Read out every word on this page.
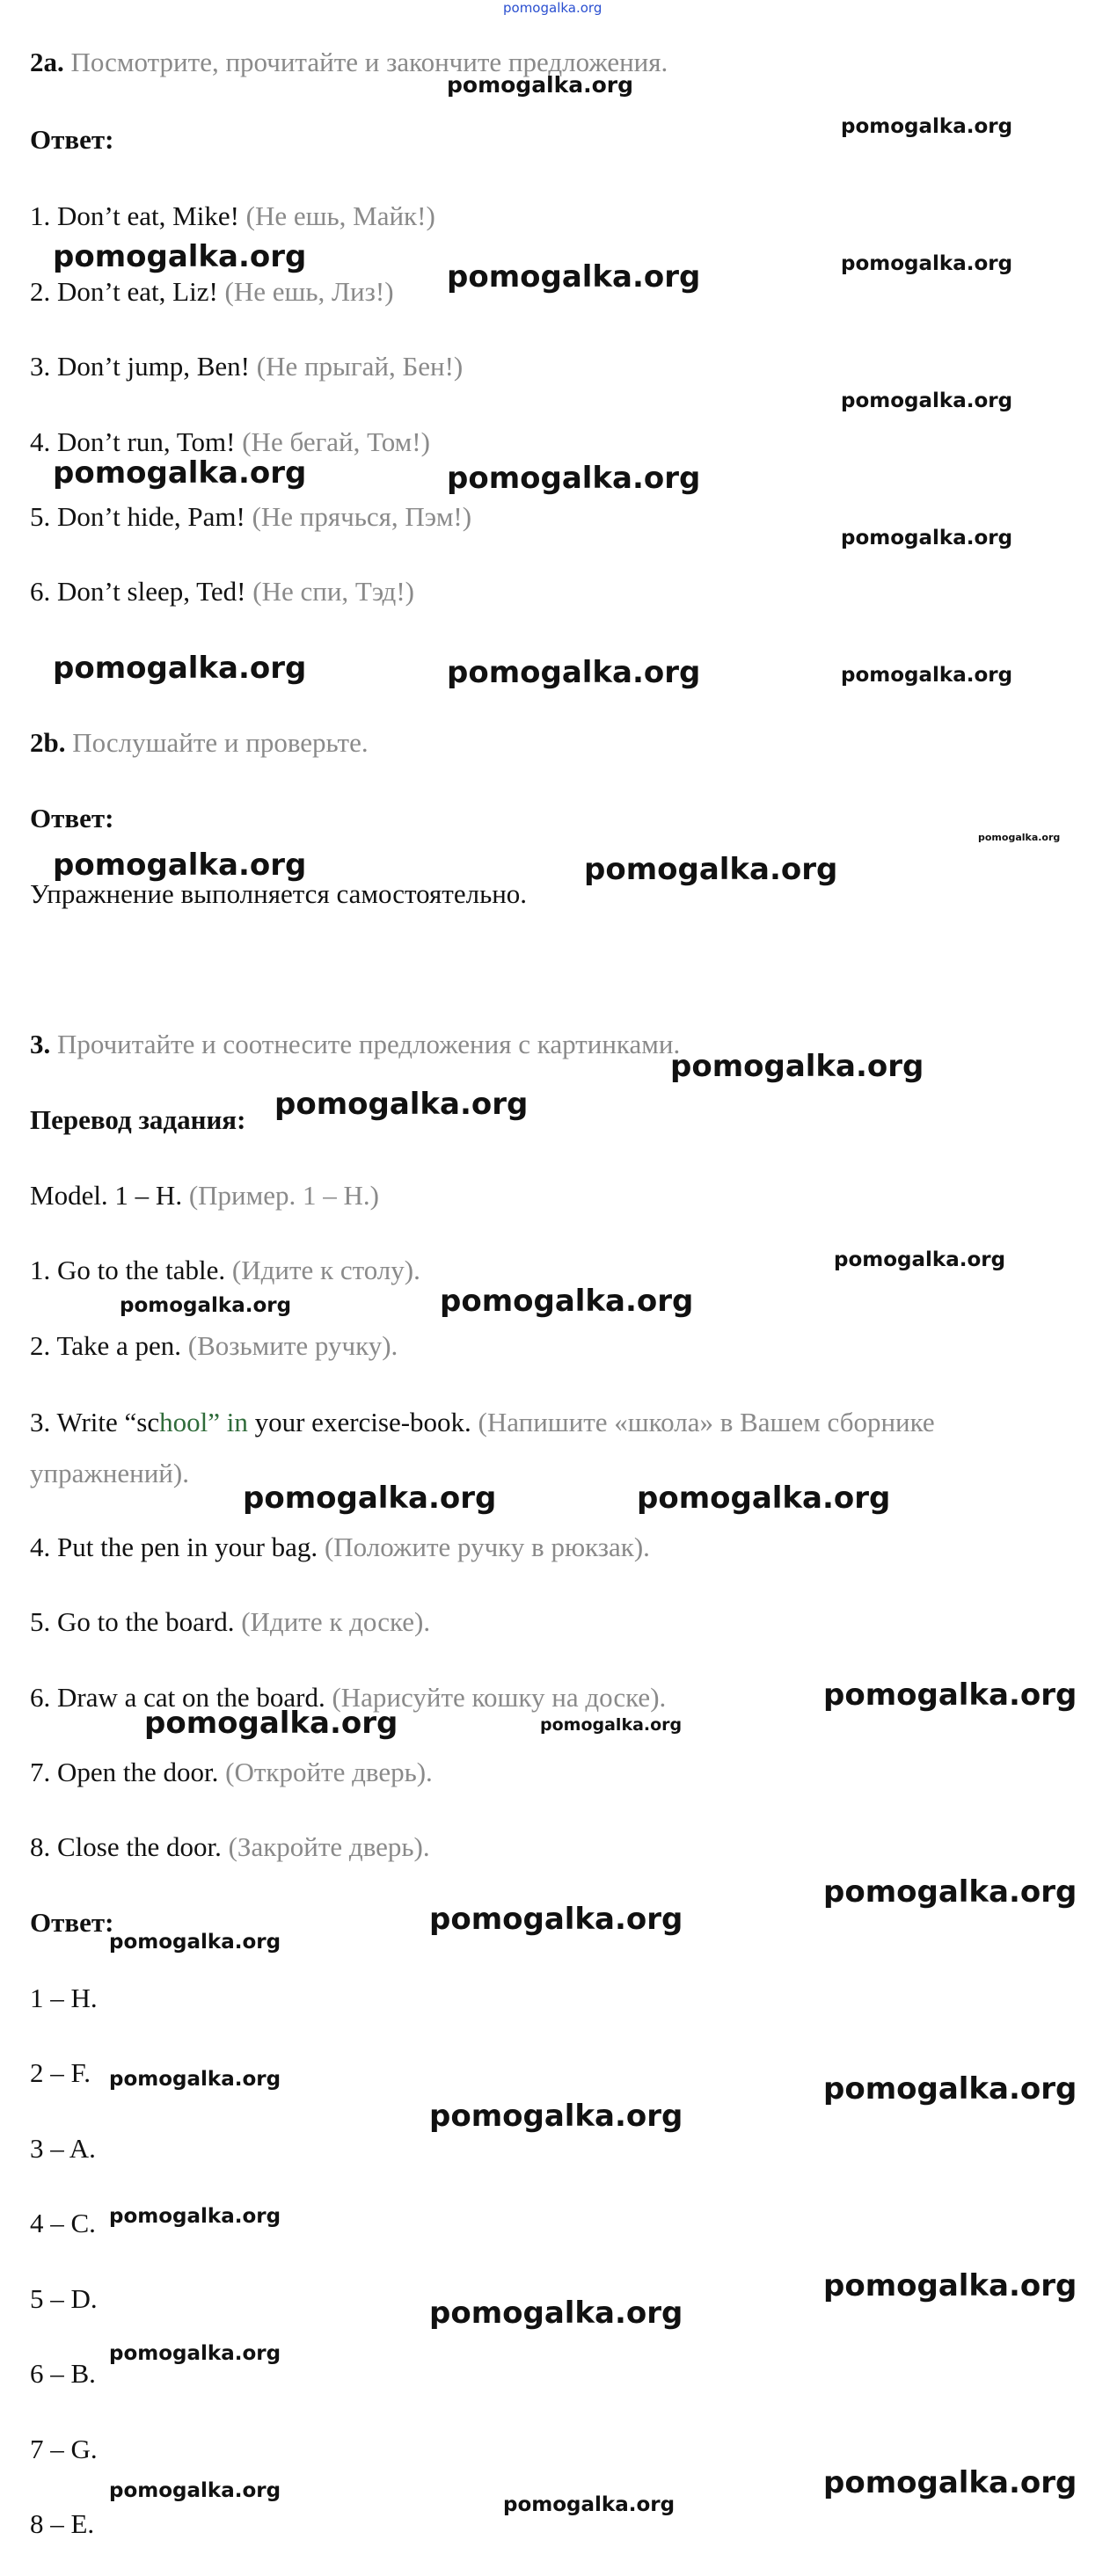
pomogalka.org
2a. Посмотрите, прочитайте и закончите предложения.
Ответ:
1. Don’t eat, Mike! (Не ешь, Майк!)
2. Don’t eat, Liz! (Не ешь, Лиз!)
3. Don’t jump, Ben! (Не прыгай, Бен!)
4. Don’t run, Tom! (Не бегай, Том!)
5. Don’t hide, Pam! (Не прячься, Пэм!)
6. Don’t sleep, Ted! (Не спи, Тэд!)
2b. Послушайте и проверьте.
Ответ:
Упражнение выполняется самостоятельно.
3. Прочитайте и соотнесите предложения с картинками.
Перевод задания:
Model. 1 – H. (Пример. 1 – H.)
1. Go to the table. (Идите к столу).
2. Take a pen. (Возьмите ручку).
3. Write “school” in your exercise-book. (Напишите «школа» в Вашем сборнике упражнений).
4. Put the pen in your bag. (Положите ручку в рюкзак).
5. Go to the board. (Идите к доске).
6. Draw a cat on the board. (Нарисуйте кошку на доске).
7. Open the door. (Откройте дверь).
8. Close the door. (Закройте дверь).
Ответ:
1 – H.
2 – F.
3 – A.
4 – C.
5 – D.
6 – B.
7 – G.
8 – E.
pomogalka.org
pomogalka.org
pomogalka.org
pomogalka.org	pomogalka.org
pomogalka.org
pomogalka.org	pomogalka.org
pomogalka.org
pomogalka.org	pomogalka.org	pomogalka.org
pomogalka.org
pomogalka.org	pomogalka.org
pomogalka.org
pomogalka.org
pomogalka.org
pomogalka.org	pomogalka.org
pomogalka.org	pomogalka.org
pomogalka.org
pomogalka.org	pomogalka.org
pomogalka.org
pomogalka.org
pomogalka.org
pomogalka.org
pomogalka.org
pomogalka.org
pomogalka.org
pomogalka.org
pomogalka.org
pomogalka.org
pomogalka.org	pomogalka.org
pomogalka.org
